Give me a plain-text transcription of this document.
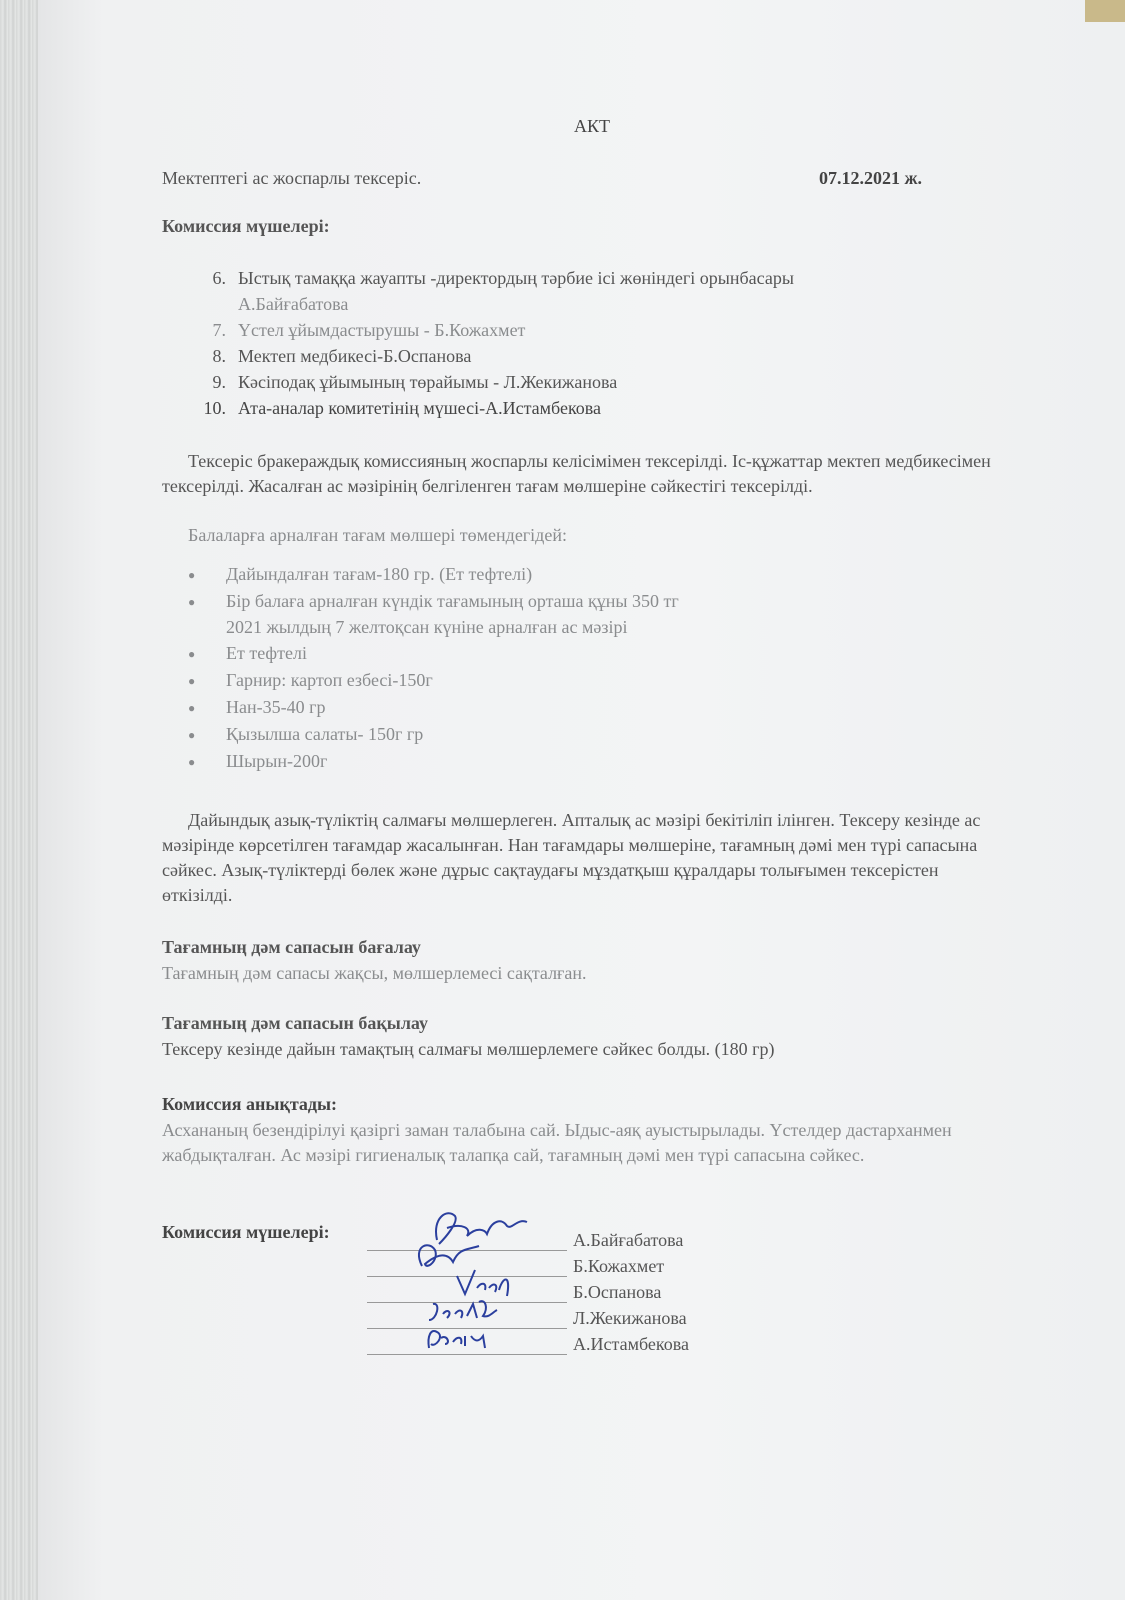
АКТ
Мектептегі ас жоспарлы тексеріс.	07.12.2021 ж.
Комиссия мүшелері:
6. Ыстық тамаққа жауапты -директордың тәрбие ісі жөніндегі орынбасары
А.Байғабатова
7. Үстел ұйымдастырушы - Б.Кожахмет
8. Мектеп медбикесі-Б.Оспанова
9. Кәсіподақ ұйымының төрайымы - Л.Жекижанова
10. Ата-аналар комитетінің мүшесі-А.Истамбекова

Тексеріс бракераждық комиссияның жоспарлы келісімімен тексерілді. Іс-құжаттар мектеп медбикесімен тексерілді. Жасалған ас мәзірінің белгіленген тағам мөлшеріне сәйкестігі тексерілді.

Балаларға арналған тағам мөлшері төмендегідей:

●	Дайындалған тағам-180 гр. (Ет тефтелі)
●	Бір балаға арналған күндік тағамының орташа құны 350 тг
2021 жылдың 7 желтоқсан күніне арналған ас мәзірі
●	Ет тефтелі
●	Гарнир: картоп езбесі-150г
●	Нан-35-40 гр
●	Қызылша салаты- 150г гр
●	Шырын-200г

Дайындық азық-түліктің салмағы мөлшерлеген. Апталық ас мәзірі бекітіліп ілінген. Тексеру кезінде ас мәзірінде көрсетілген тағамдар жасалынған. Нан тағамдары мөлшеріне, тағамның дәмі мен түрі сапасына сәйкес. Азық-түліктерді бөлек және дұрыс сақтаудағы мұздатқыш құралдары толығымен тексерістен өткізілді.

Тағамның дәм сапасын бағалау

Тағамның дәм сапасы жақсы, мөлшерлемесі сақталған.

Тағамның дәм сапасын бақылау

Тексеру кезінде дайын тамақтың салмағы мөлшерлемеге сәйкес болды. (180 гр)

Комиссия анықтады:

Асхананың безендірілуі қазіргі заман талабына сай. Ыдыс-аяқ ауыстырылады. Үстелдер дастарханмен жабдықталған. Ас мәзірі гигиеналық талапқа сай, тағамның дәмі мен түрі сапасына сәйкес.

Комиссия мүшелері:	А.Байғабатова
Б.Кожахмет
Б.Оспанова
Л.Жекижанова
А.Истамбекова
